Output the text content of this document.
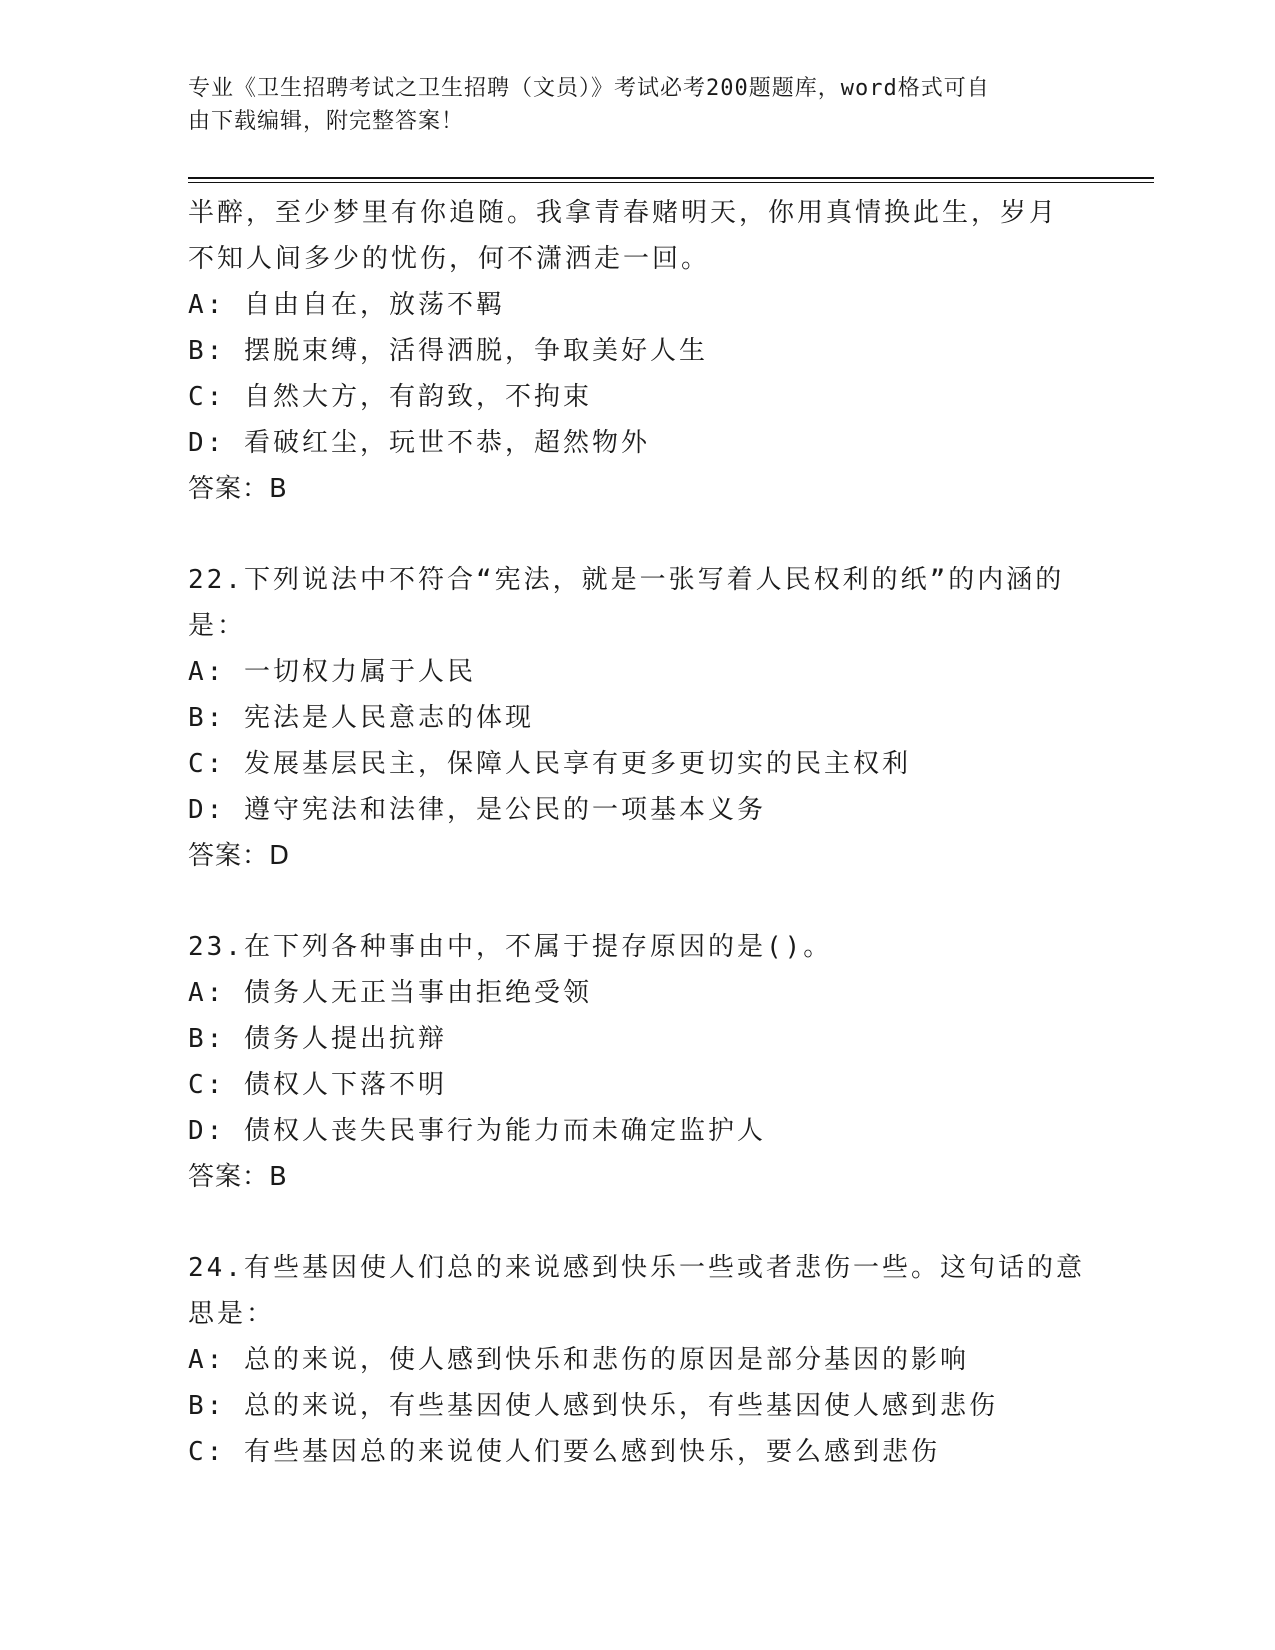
专业《卫生招聘考试之卫生招聘（文员）》考试必考200题题库，word格式可自
由下载编辑，附完整答案！
半醉，至少梦里有你追随。我拿青春赌明天，你用真情换此生，岁月
不知人间多少的忧伤，何不潇洒走一回。
A: 自由自在，放荡不羁
B: 摆脱束缚，活得洒脱，争取美好人生
C: 自然大方，有韵致，不拘束
D: 看破红尘，玩世不恭，超然物外
答案：B
22.下列说法中不符合“宪法，就是一张写着人民权利的纸”的内涵的
是：
A: 一切权力属于人民
B: 宪法是人民意志的体现
C: 发展基层民主，保障人民享有更多更切实的民主权利
D: 遵守宪法和法律，是公民的一项基本义务
答案：D
23.在下列各种事由中，不属于提存原因的是()。
A: 债务人无正当事由拒绝受领
B: 债务人提出抗辩
C: 债权人下落不明
D: 债权人丧失民事行为能力而未确定监护人
答案：B
24.有些基因使人们总的来说感到快乐一些或者悲伤一些。这句话的意
思是：
A: 总的来说，使人感到快乐和悲伤的原因是部分基因的影响
B: 总的来说，有些基因使人感到快乐，有些基因使人感到悲伤
C: 有些基因总的来说使人们要么感到快乐，要么感到悲伤
